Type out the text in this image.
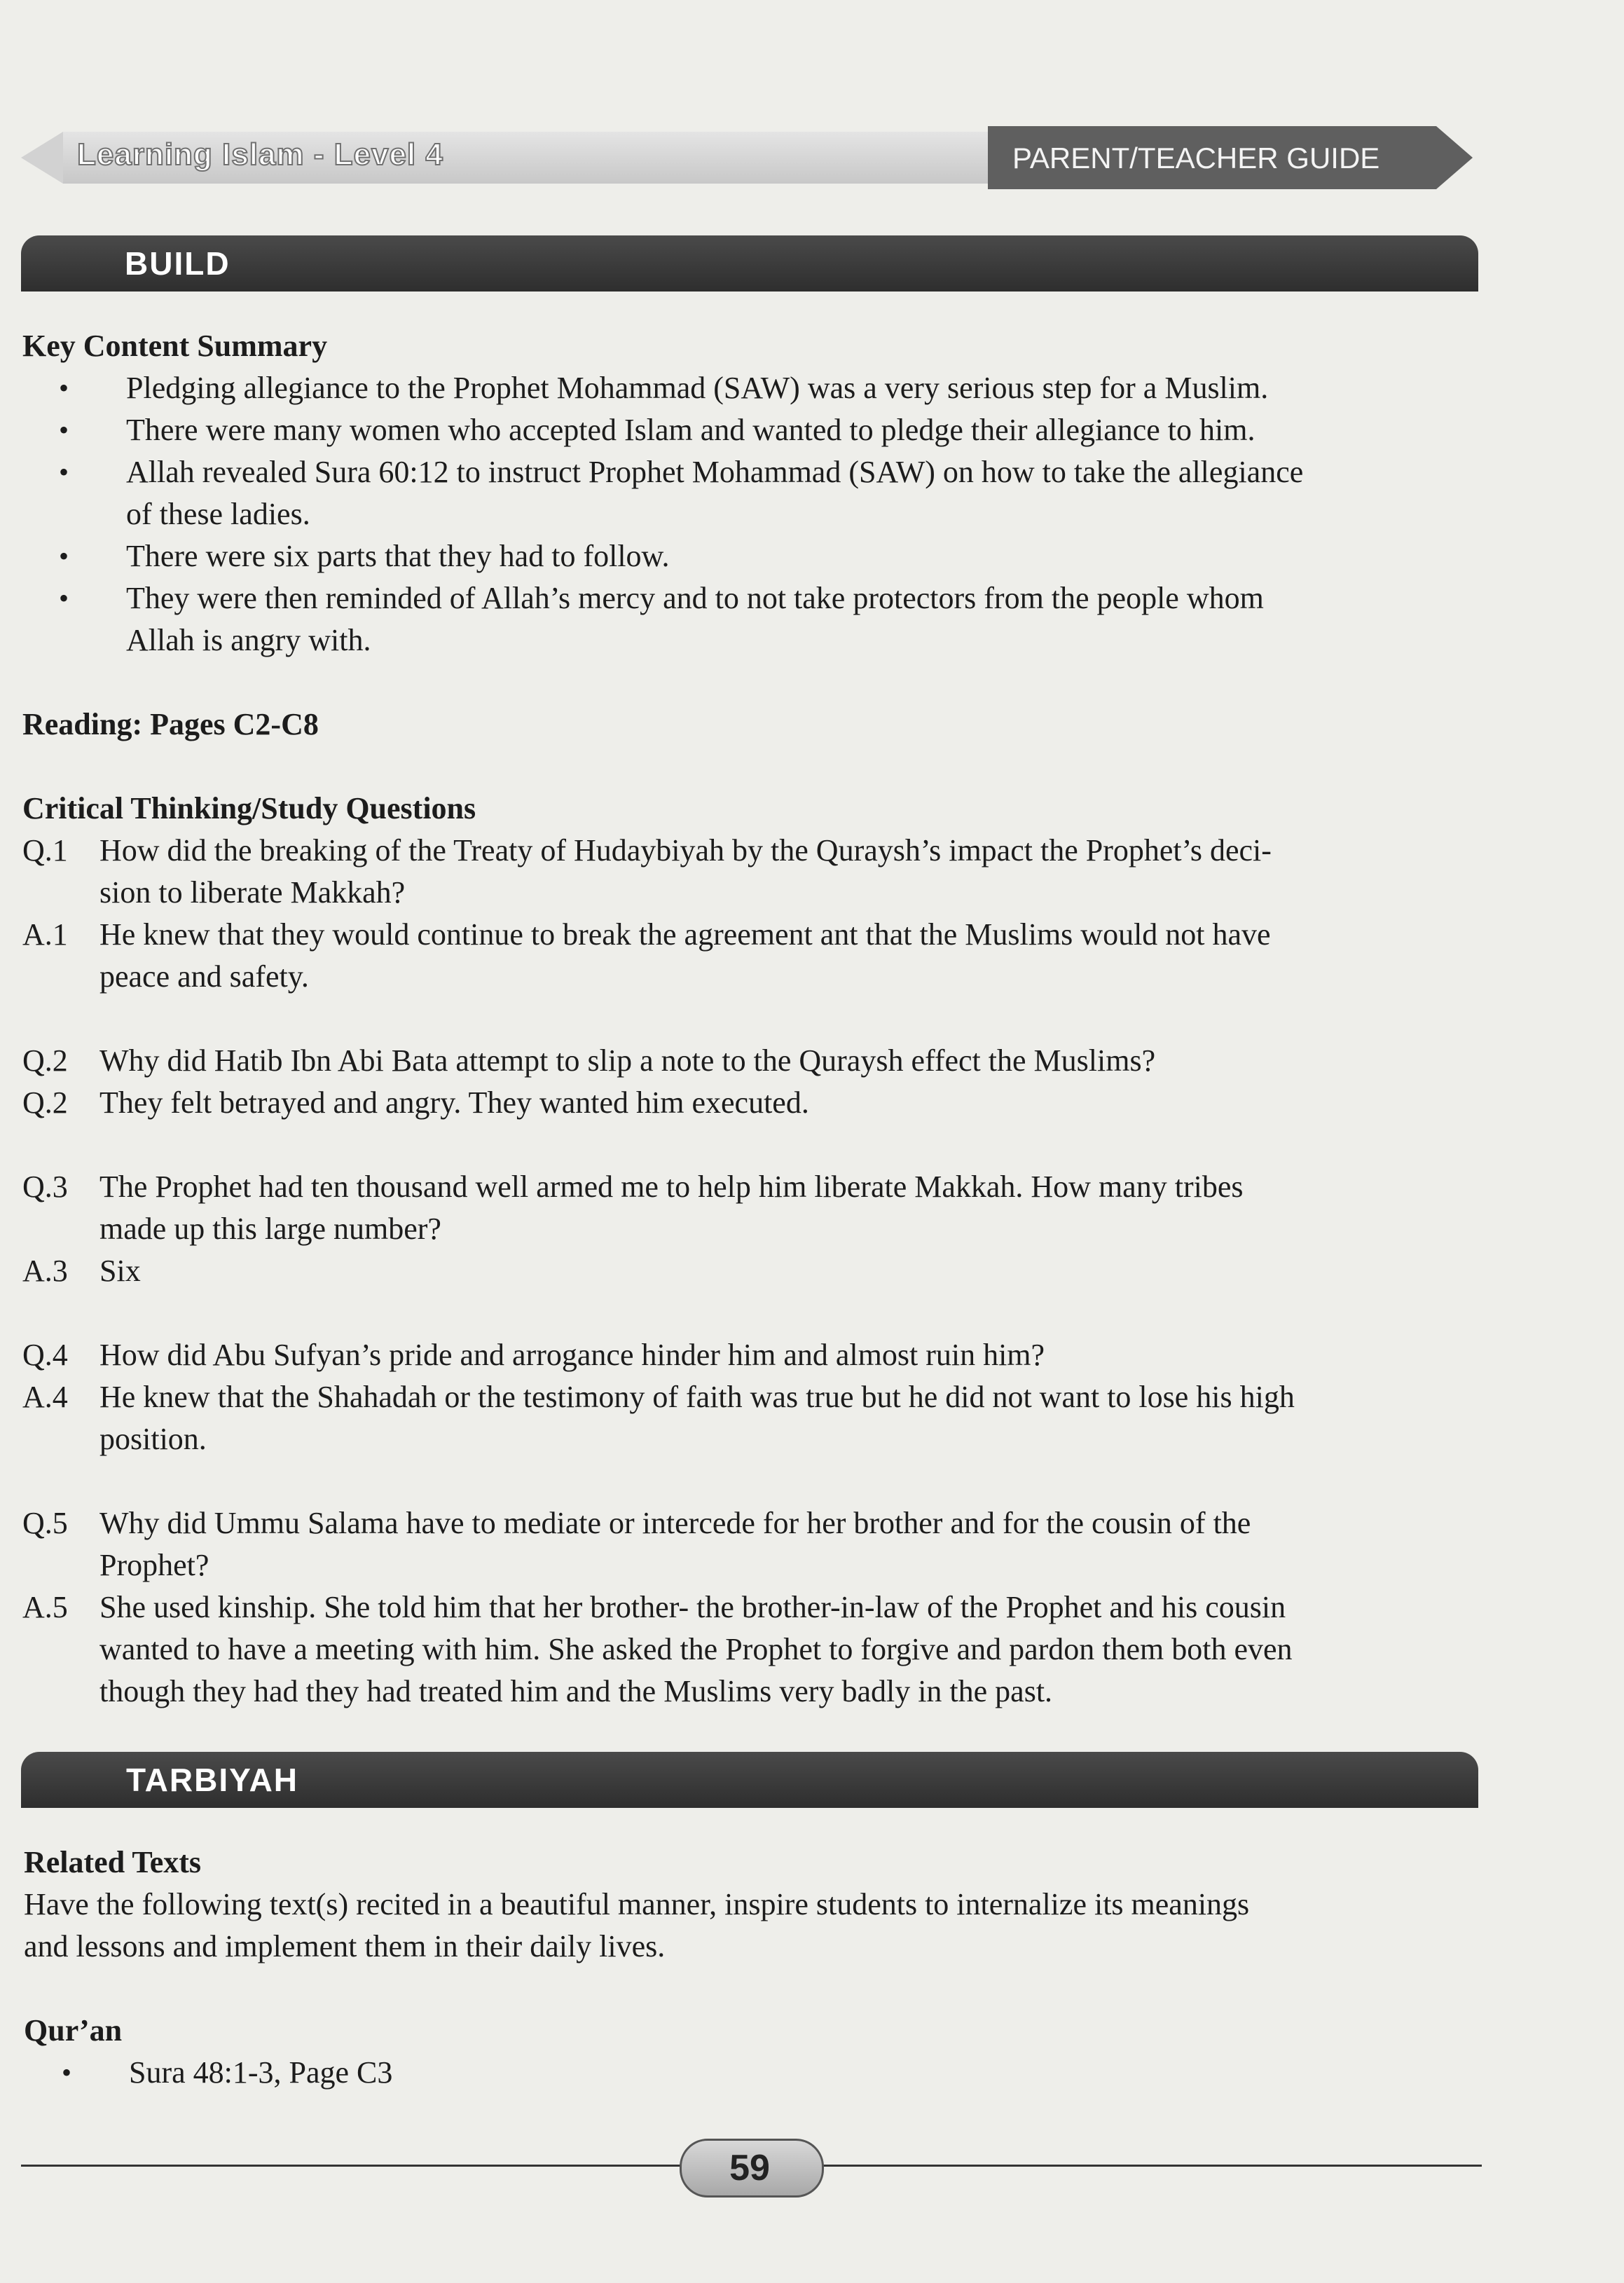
Learning Islam - Level 4	PARENT/TEACHER GUIDE
BUILD
Key Content Summary
• Pledging allegiance to the Prophet Mohammad (SAW) was a very serious step for a Muslim.
• There were many women who accepted Islam and wanted to pledge their allegiance to him.
• Allah revealed Sura 60:12 to instruct Prophet Mohammad (SAW) on how to take the allegiance
of these ladies.
• There were six parts that they had to follow.
• They were then reminded of Allah’s mercy and to not take protectors from the people whom
Allah is angry with.
Reading: Pages C2-C8
Critical Thinking/Study Questions
Q.1 How did the breaking of the Treaty of Hudaybiyah by the Quraysh’s impact the Prophet’s deci-
sion to liberate Makkah?
A.1 He knew that they would continue to break the agreement ant that the Muslims would not have
peace and safety.
Q.2 Why did Hatib Ibn Abi Bata attempt to slip a note to the Quraysh effect the Muslims?
Q.2 They felt betrayed and angry. They wanted him executed.
Q.3 The Prophet had ten thousand well armed me to help him liberate Makkah. How many tribes
made up this large number?
A.3 Six
Q.4 How did Abu Sufyan’s pride and arrogance hinder him and almost ruin him?
A.4 He knew that the Shahadah or the testimony of faith was true but he did not want to lose his high
position.
Q.5 Why did Ummu Salama have to mediate or intercede for her brother and for the cousin of the
Prophet?
A.5 She used kinship. She told him that her brother- the brother-in-law of the Prophet and his cousin
wanted to have a meeting with him. She asked the Prophet to forgive and pardon them both even
though they had they had treated him and the Muslims very badly in the past.
TARBIYAH
Related Texts
Have the following text(s) recited in a beautiful manner, inspire students to internalize its meanings
and lessons and implement them in their daily lives.
Qur’an
• Sura 48:1-3, Page C3
59
